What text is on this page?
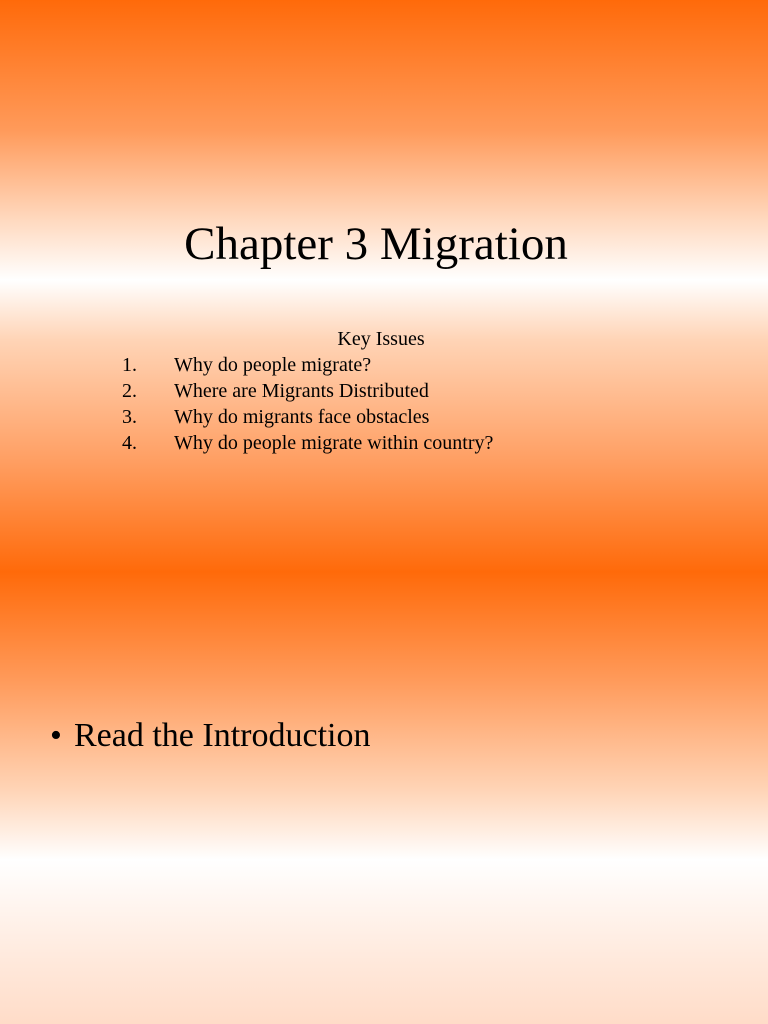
Chapter 3 Migration

Key Issues

1.	Why do people migrate?
2.	Where are Migrants Distributed
3.	Why do migrants face obstacles
4.	Why do people migrate within country?
• Read the Introduction
